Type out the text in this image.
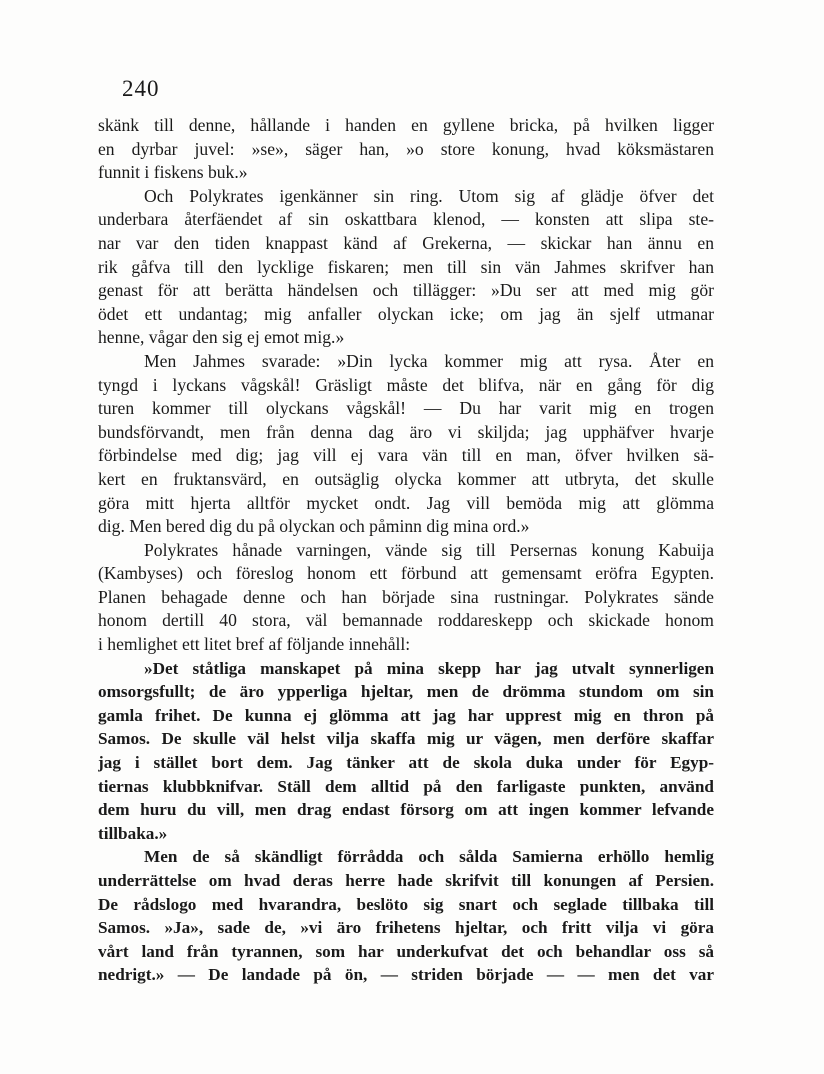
240
skänk till denne, hållande i handen en gyllene bricka, på hvilken ligger
en dyrbar juvel: »se», säger han, »o store konung, hvad köksmästaren
funnit i fiskens buk.»
Och Polykrates igenkänner sin ring. Utom sig af glädje öfver det
underbara återfäendet af sin oskattbara klenod, — konsten att slipa ste-
nar var den tiden knappast känd af Grekerna, — skickar han ännu en
rik gåfva till den lycklige fiskaren; men till sin vän Jahmes skrifver han
genast för att berätta händelsen och tillägger: »Du ser att med mig gör
ödet ett undantag; mig anfaller olyckan icke; om jag än sjelf utmanar
henne, vågar den sig ej emot mig.»
Men Jahmes svarade: »Din lycka kommer mig att rysa. Åter en
tyngd i lyckans vågskål! Gräsligt måste det blifva, när en gång för dig
turen kommer till olyckans vågskål! — Du har varit mig en trogen
bundsförvandt, men från denna dag äro vi skiljda; jag upphäfver hvarje
förbindelse med dig; jag vill ej vara vän till en man, öfver hvilken sä-
kert en fruktansvärd, en outsäglig olycka kommer att utbryta, det skulle
göra mitt hjerta alltför mycket ondt. Jag vill bemöda mig att glömma
dig. Men bered dig du på olyckan och påminn dig mina ord.»
Polykrates hånade varningen, vände sig till Persernas konung Kabuija
(Kambyses) och föreslog honom ett förbund att gemensamt eröfra Egypten.
Planen behagade denne och han började sina rustningar. Polykrates sände
honom dertill 40 stora, väl bemannade roddareskepp och skickade honom
i hemlighet ett litet bref af följande innehåll:
»Det ståtliga manskapet på mina skepp har jag utvalt synnerligen
omsorgsfullt; de äro ypperliga hjeltar, men de drömma stundom om sin
gamla frihet. De kunna ej glömma att jag har upprest mig en thron på
Samos. De skulle väl helst vilja skaffa mig ur vägen, men derföre skaffar
jag i stället bort dem. Jag tänker att de skola duka under för Egyp-
tiernas klubbknifvar. Ställ dem alltid på den farligaste punkten, använd
dem huru du vill, men drag endast försorg om att ingen kommer lefvande
tillbaka.»
Men de så skändligt förrådda och sålda Samierna erhöllo hemlig
underrättelse om hvad deras herre hade skrifvit till konungen af Persien.
De rådslogo med hvarandra, beslöto sig snart och seglade tillbaka till
Samos. »Ja», sade de, »vi äro frihetens hjeltar, och fritt vilja vi göra
vårt land från tyrannen, som har underkufvat det och behandlar oss så
nedrigt.» — De landade på ön, — striden började — — men det var
